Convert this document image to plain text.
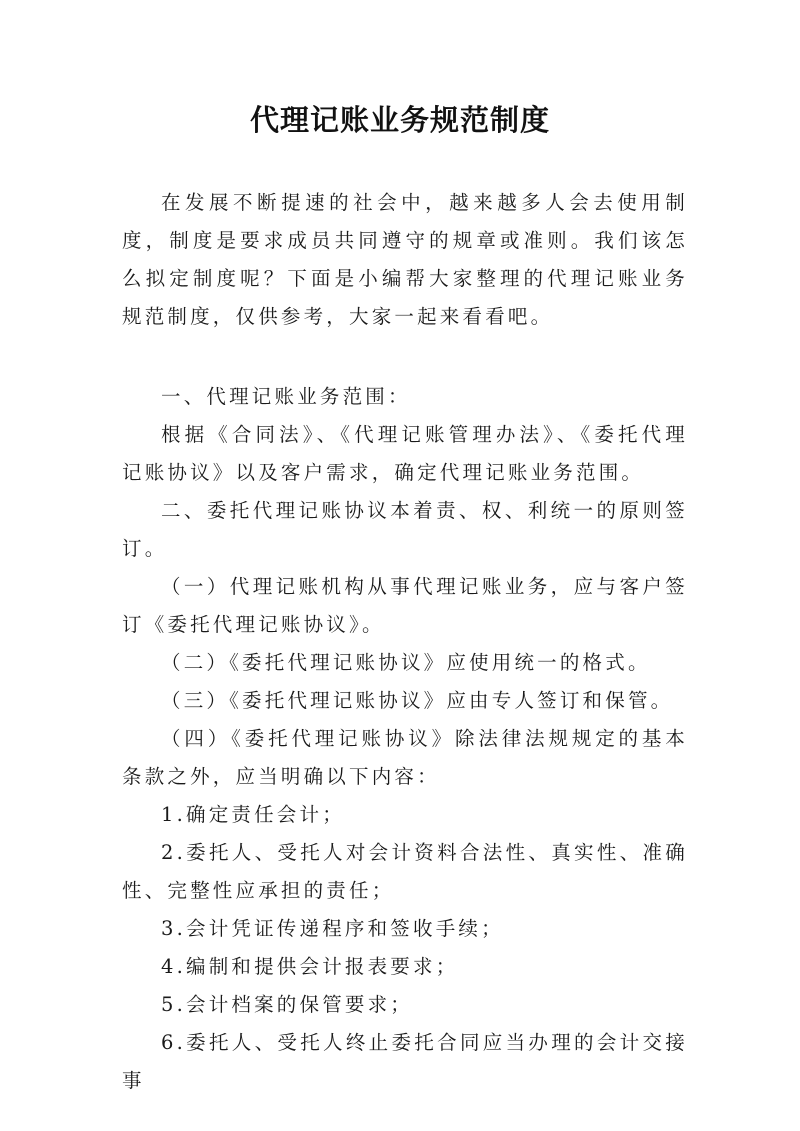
代理记账业务规范制度

在发展不断提速的社会中，越来越多人会去使用制度，制度是要求成员共同遵守的规章或准则。我们该怎么拟定制度呢？下面是小编帮大家整理的代理记账业务规范制度，仅供参考，大家一起来看看吧。

一、代理记账业务范围：

根据《合同法》、《代理记账管理办法》、《委托代理记账协议》以及客户需求，确定代理记账业务范围。

二、委托代理记账协议本着责、权、利统一的原则签订。

（一）代理记账机构从事代理记账业务，应与客户签订《委托代理记账协议》。

（二）《委托代理记账协议》应使用统一的格式。

（三）《委托代理记账协议》应由专人签订和保管。

（四）《委托代理记账协议》除法律法规规定的基本条款之外，应当明确以下内容：

1.确定责任会计；

2.委托人、受托人对会计资料合法性、真实性、准确性、完整性应承担的责任；

3.会计凭证传递程序和签收手续；

4.编制和提供会计报表要求；

5.会计档案的保管要求；

6.委托人、受托人终止委托合同应当办理的会计交接事
